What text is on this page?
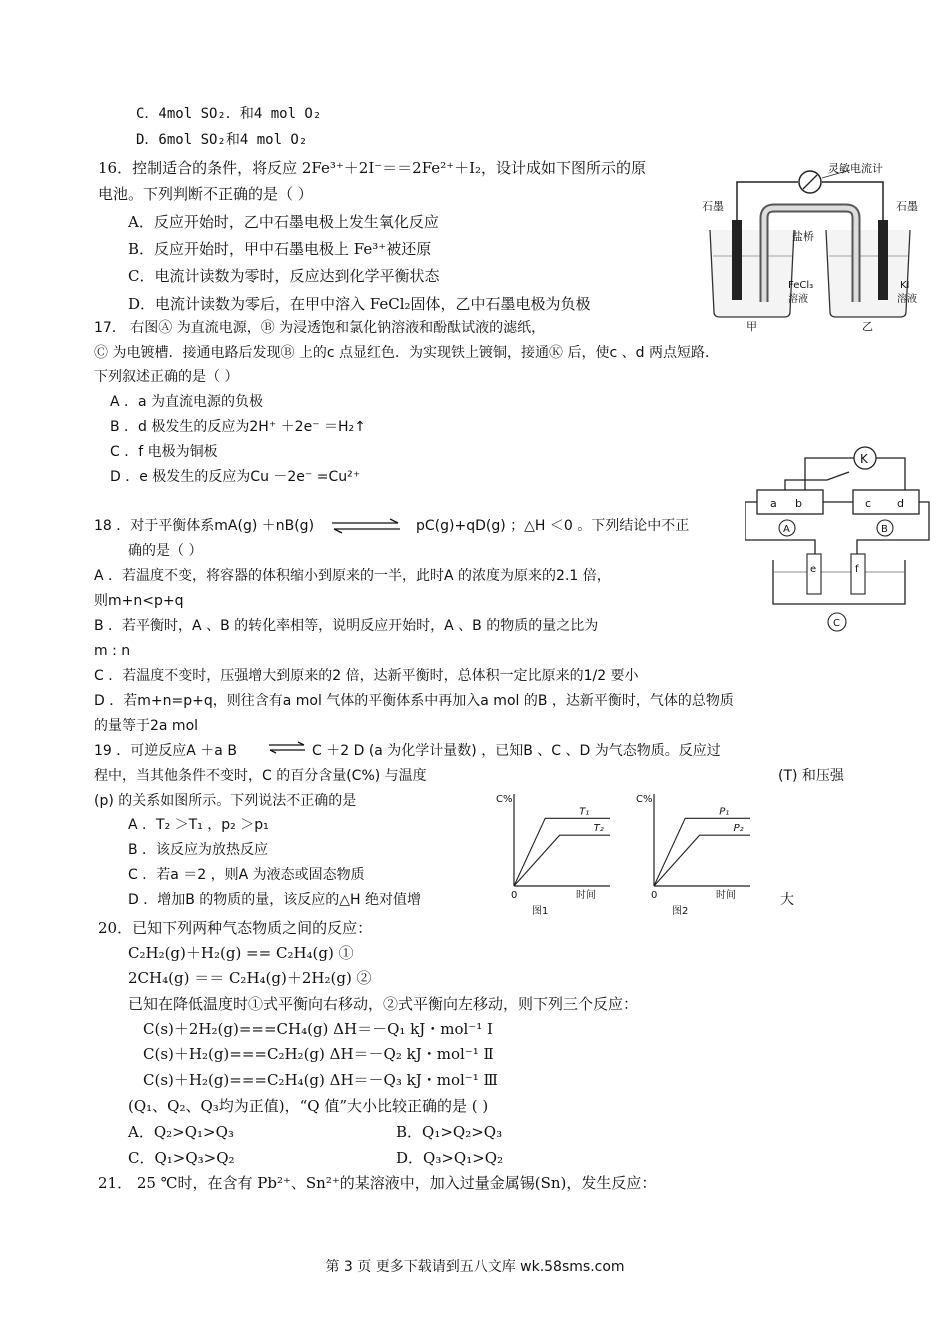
C．4mol SO₂．和4 mol O₂
D．6mol SO₂和4 mol O₂
16．控制适合的条件，将反应 2Fe³⁺＋2I⁻＝＝2Fe²⁺＋I₂，设计成如下图所示的原
电池。下列判断不正确的是（ ）
A．反应开始时，乙中石墨电极上发生氧化反应
B．反应开始时，甲中石墨电极上 Fe³⁺被还原
C．电流计读数为零时，反应达到化学平衡状态
D．电流计读数为零后，在甲中溶入 FeCl₂固体，乙中石墨电极为负极
灵敏电流计
盐桥
石墨	石墨
FeCl₃
溶液
KI
溶液
甲	乙
17． 右图Ⓐ 为直流电源，Ⓑ 为浸透饱和氯化钠溶液和酚酞试液的滤纸，
Ⓒ 为电镀槽．接通电路后发现Ⓑ 上的c 点显红色．为实现铁上镀铜，接通Ⓚ 后，使c 、d 两点短路．
下列叙述正确的是（ ）
A ．a 为直流电源的负极
B ．d 极发生的反应为2H⁺ ＋2e⁻ ＝H₂↑
C ．f 电极为铜板
D ．e 极发生的反应为Cu －2e⁻ =Cu²⁺
K
a b	c d
A	B
e	f
C
18 ．对于平衡体系mA(g) ＋nB(g)	pC(g)+qD(g) ；△H ＜0 。下列结论中不正
确的是（ ）
A ．若温度不变，将容器的体积缩小到原来的一半，此时A 的浓度为原来的2.1 倍，
则m+n<p+q
B ．若平衡时，A 、B 的转化率相等，说明反应开始时，A 、B 的物质的量之比为
m : n
C ．若温度不变时，压强增大到原来的2 倍，达新平衡时，总体积一定比原来的1/2 要小
D ．若m+n=p+q，则往含有a mol 气体的平衡体系中再加入a mol 的B ，达新平衡时，气体的总物质
的量等于2a mol
19 ．可逆反应A ＋a B ⇌ C ＋2 D (a 为化学计量数) ，已知B 、C 、D 为气态物质。反应过
程中，当其他条件不变时，C 的百分含量(C%) 与温度	(T) 和压强
(p) 的关系如图所示。下列说法不正确的是
A ．T₂ ＞T₁ ，p₂ ＞p₁
B ．该反应为放热反应
C ．若a ＝2 ，则A 为液态或固态物质
D ．增加B 的物质的量，该反应的△H 绝对值增	大
C%
0	时间
图1
T₁
T₂
C%
0	时间
图2
P₁
P₂
20．已知下列两种气态物质之间的反应：
C₂H₂(g)＋H₂(g) == C₂H₄(g) ①
2CH₄(g) ＝＝ C₂H₄(g)＋2H₂(g) ②
已知在降低温度时①式平衡向右移动，②式平衡向左移动，则下列三个反应：
C(s)＋2H₂(g)===CH₄(g) ΔH＝－Q₁ kJ・mol⁻¹ Ⅰ
C(s)＋H₂(g)===C₂H₂(g) ΔH＝－Q₂ kJ・mol⁻¹ Ⅱ
C(s)＋H₂(g)===C₂H₄(g) ΔH＝－Q₃ kJ・mol⁻¹ Ⅲ
(Q₁、Q₂、Q₃均为正值)，“Q 值”大小比较正确的是 ( )
A．Q₂>Q₁>Q₃	B．Q₁>Q₂>Q₃
C．Q₁>Q₃>Q₂	D．Q₃>Q₁>Q₂
21． 25 ℃时，在含有 Pb²⁺、Sn²⁺的某溶液中，加入过量金属锡(Sn)，发生反应：
第 3 页 更多下载请到五八文库 wk.58sms.com
